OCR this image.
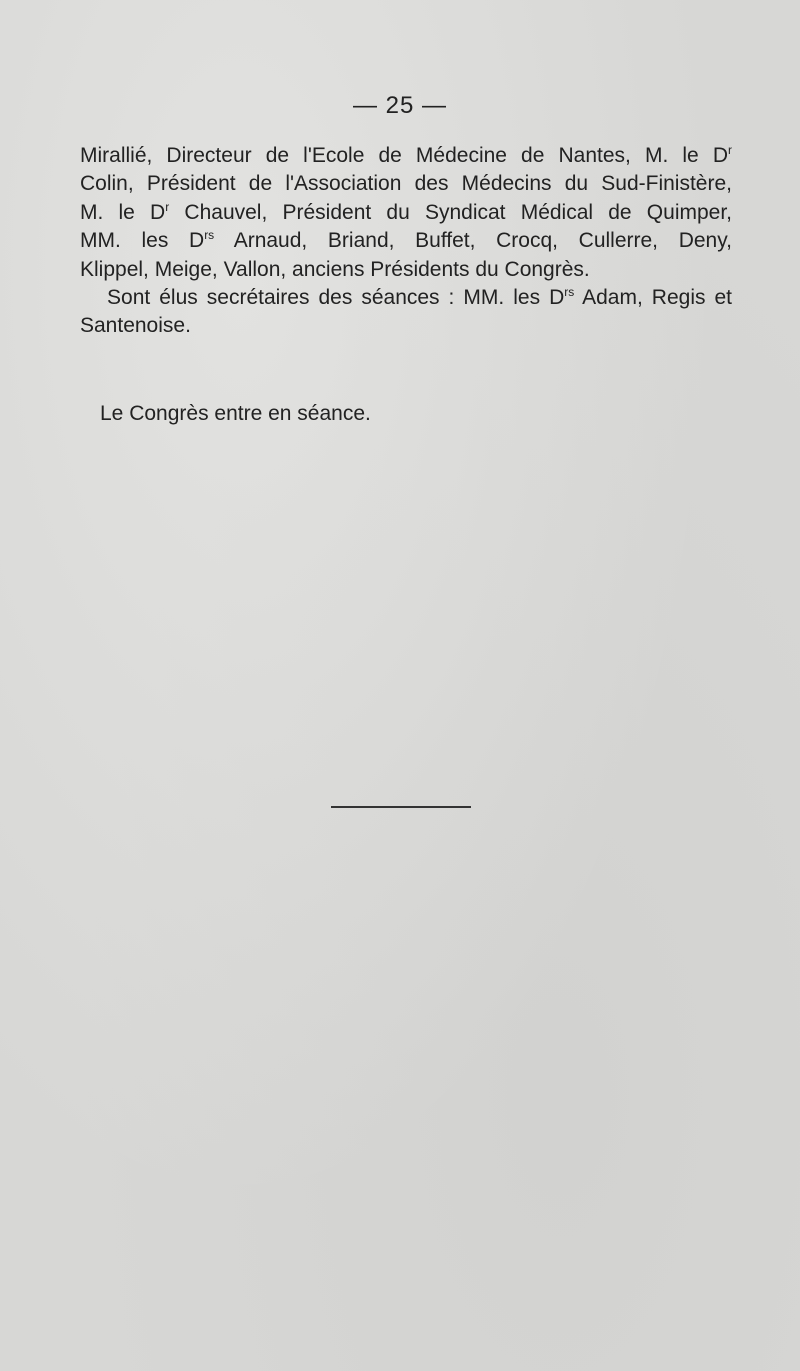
— 25 —

Mirallié, Directeur de l'Ecole de Médecine de Nantes, M. le $D^r$
Colin, Président de l'Association des Médecins du Sud-Finistère,
M. le $D^r$ Chauvel, Président du Syndicat Médical de Quimper,
MM. les $D^{rs}$ Arnaud, Briand, Buffet, Crocq, Cullerre, Deny,
Klippel, Meige, Vallon, anciens Présidents du Congrès.

Sont élus secrétaires des séances : MM. les $D^{rs}$ Adam, Regis et
Santenoise.

Le Congrès entre en séance.
